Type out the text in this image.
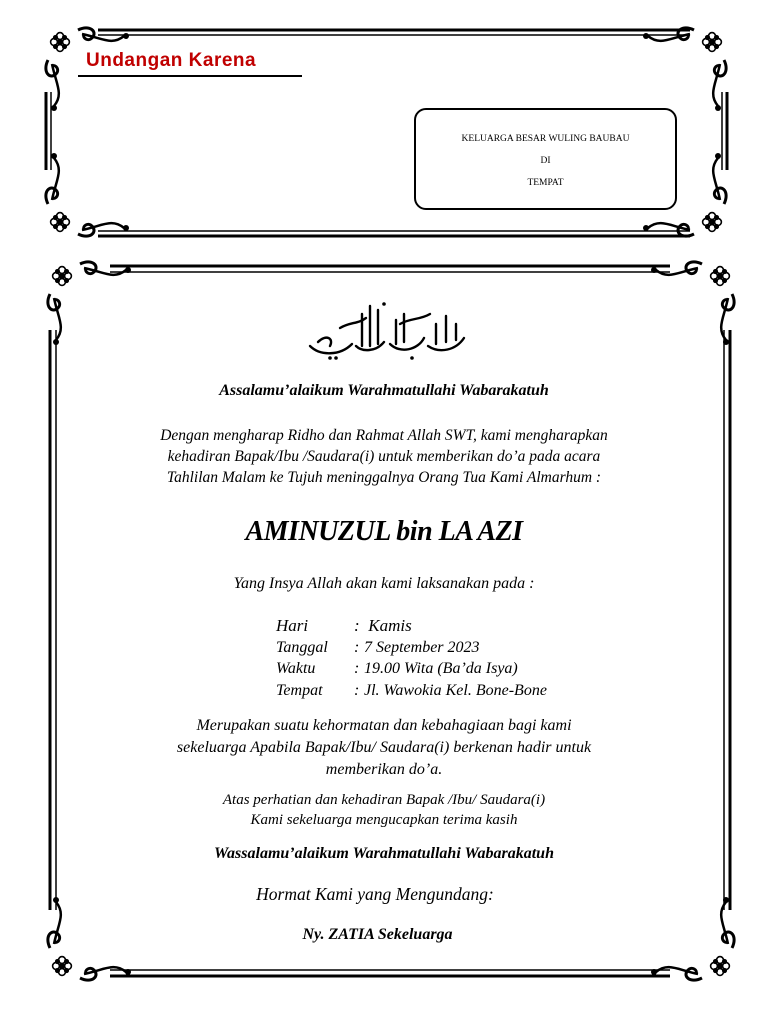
Undangan Karena
KELUARGA BESAR WULING BAUBAU
DI
TEMPAT
Assalamu’alaikum Warahmatullahi Wabarakatuh
Dengan mengharap Ridho dan Rahmat Allah SWT, kami mengharapkan
kehadiran Bapak/Ibu /Saudara(i) untuk memberikan do’a pada acara
Tahlilan Malam ke Tujuh meninggalnya Orang Tua Kami Almarhum :
AMINUZUL bin LA AZI
Yang Insya Allah akan kami laksanakan pada :
Hari	: Kamis
Tanggal	: 7 September 2023
Waktu	: 19.00 Wita (Ba’da Isya)
Tempat	: Jl. Wawokia Kel. Bone-Bone
Merupakan suatu kehormatan dan kebahagiaan bagi kami
sekeluarga Apabila Bapak/Ibu/ Saudara(i) berkenan hadir untuk
memberikan do’a.
Atas perhatian dan kehadiran Bapak /Ibu/ Saudara(i)
Kami sekeluarga mengucapkan terima kasih
Wassalamu’alaikum Warahmatullahi Wabarakatuh
Hormat Kami yang Mengundang:
Ny. ZATIA Sekeluarga
